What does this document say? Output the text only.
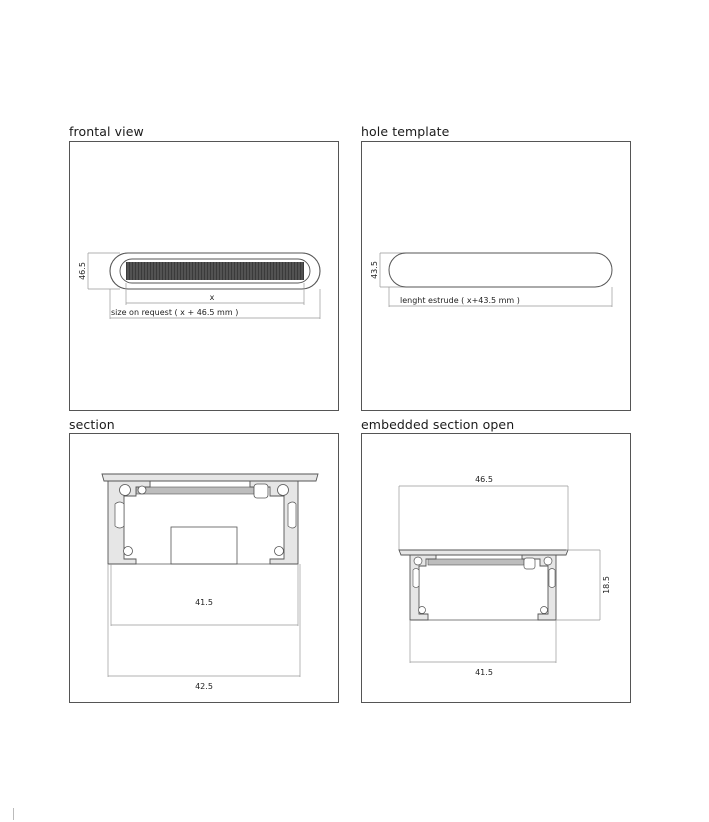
frontal view
46.5
x
size on request ( x + 46.5 mm )
hole template
43.5
lenght estrude ( x+43.5 mm )
section
41.5
42.5
embedded section open
46.5
18.5
41.5
